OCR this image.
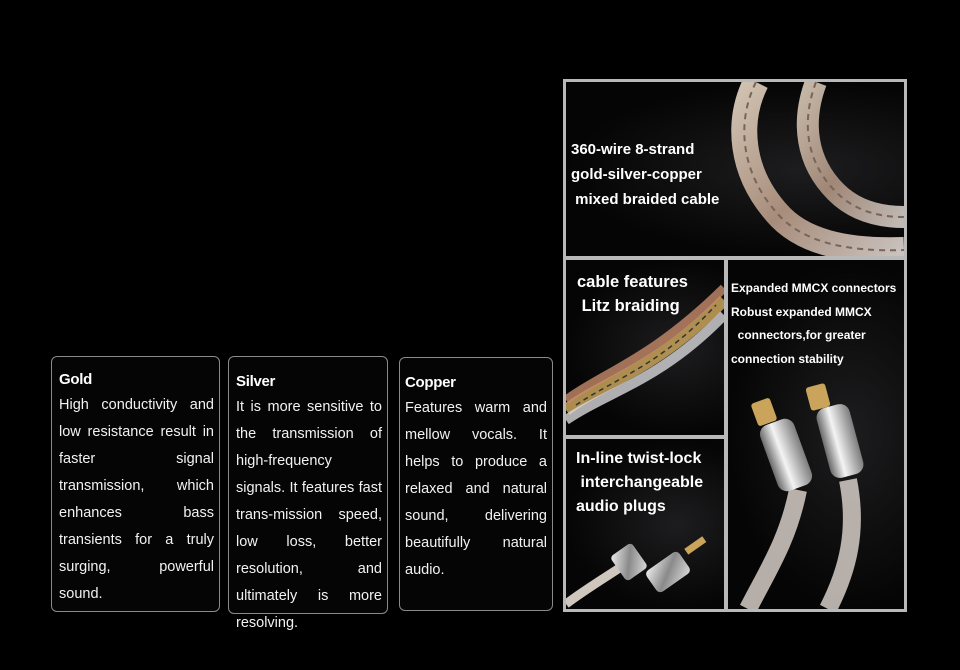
Gold

High conductivity and low resistance result in faster signal transmission, which enhances bass transients for a truly surging, powerful sound.

Silver

It is more sensitive to the transmission of high-frequency signals. It features fast trans-mission speed, low loss, better resolution, and ultimately is more resolving.

Copper

Features warm and mellow vocals. It helps to produce a relaxed and natural sound, delivering beautifully natural audio.

360-wire 8-strand
gold-silver-copper
mixed braided cable
cable features
Litz braiding
In-line twist-lock
interchangeable
audio plugs
Expanded MMCX connectors
Robust expanded MMCX
connectors,for greater
connection stability
